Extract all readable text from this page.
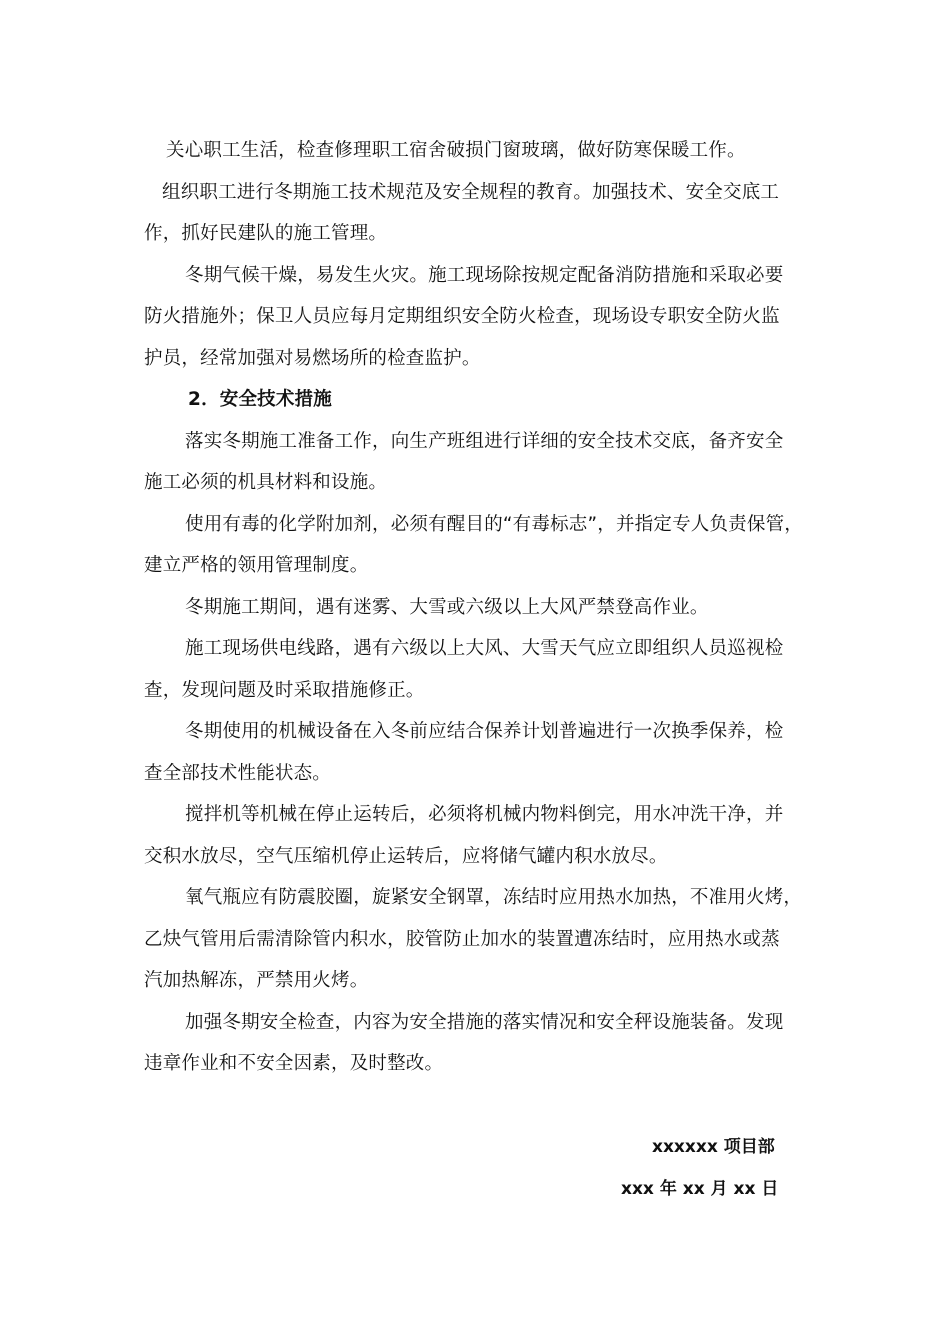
关心职工生活，检查修理职工宿舍破损门窗玻璃，做好防寒保暖工作。
组织职工进行冬期施工技术规范及安全规程的教育。加强技术、安全交底工
作，抓好民建队的施工管理。
冬期气候干燥，易发生火灾。施工现场除按规定配备消防措施和采取必要
防火措施外；保卫人员应每月定期组织安全防火检查，现场设专职安全防火监
护员，经常加强对易燃场所的检查监护。
2．安全技术措施
落实冬期施工准备工作，向生产班组进行详细的安全技术交底，备齐安全
施工必须的机具材料和设施。
使用有毒的化学附加剂，必须有醒目的“有毒标志”，并指定专人负责保管，
建立严格的领用管理制度。
冬期施工期间，遇有迷雾、大雪或六级以上大风严禁登高作业。
施工现场供电线路，遇有六级以上大风、大雪天气应立即组织人员巡视检
查，发现问题及时采取措施修正。
冬期使用的机械设备在入冬前应结合保养计划普遍进行一次换季保养，检
查全部技术性能状态。
搅拌机等机械在停止运转后，必须将机械内物料倒完，用水冲洗干净，并
交积水放尽，空气压缩机停止运转后，应将储气罐内积水放尽。
氧气瓶应有防震胶圈，旋紧安全钢罩，冻结时应用热水加热，不准用火烤，
乙炔气管用后需清除管内积水，胶管防止加水的装置遭冻结时，应用热水或蒸
汽加热解冻，严禁用火烤。
加强冬期安全检查，内容为安全措施的落实情况和安全秤设施装备。发现
违章作业和不安全因素，及时整改。
xxxxxx 项目部
xxx 年 xx 月 xx 日
